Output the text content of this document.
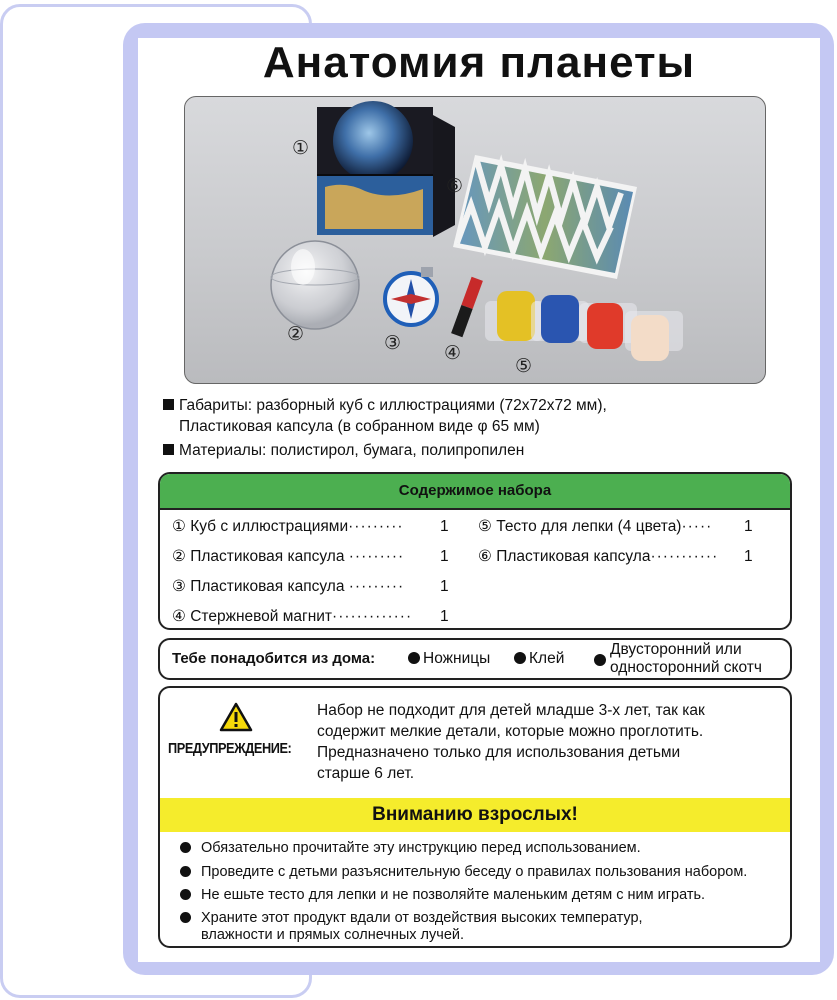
Анатомия планеты
①
②	③ ④
⑤
⑥
Габариты: разборный куб с иллюстрациями (72х72х72 мм),
Пластиковая капсула (в собранном виде φ 65 мм)
Материалы: полистирол, бумага, полипропилен
Содержимое набора
① Куб с иллюстрациями········· 1
② Пластиковая капсула ········· 1
③ Пластиковая капсула ········· 1
④ Стержневой магнит············· 1
⑤ Тесто для лепки (4 цвета)····· 1
⑥ Пластиковая капсула··········· 1
Тебе понадобится из дома:	Ножницы	Клей
Двусторонний или
односторонний скотч
ПРЕДУПРЕЖДЕНИЕ:
Набор не подходит для детей младше 3-х лет, так как
содержит мелкие детали, которые можно проглотить.
Предназначено только для использования детьми
старше 6 лет.
Вниманию взрослых!
Обязательно прочитайте эту инструкцию перед использованием.
Проведите с детьми разъяснительную беседу о правилах пользования набором.
Не ешьте тесто для лепки и не позволяйте маленьким детям с ним играть.
Храните этот продукт вдали от воздействия высоких температур,
влажности и прямых солнечных лучей.
